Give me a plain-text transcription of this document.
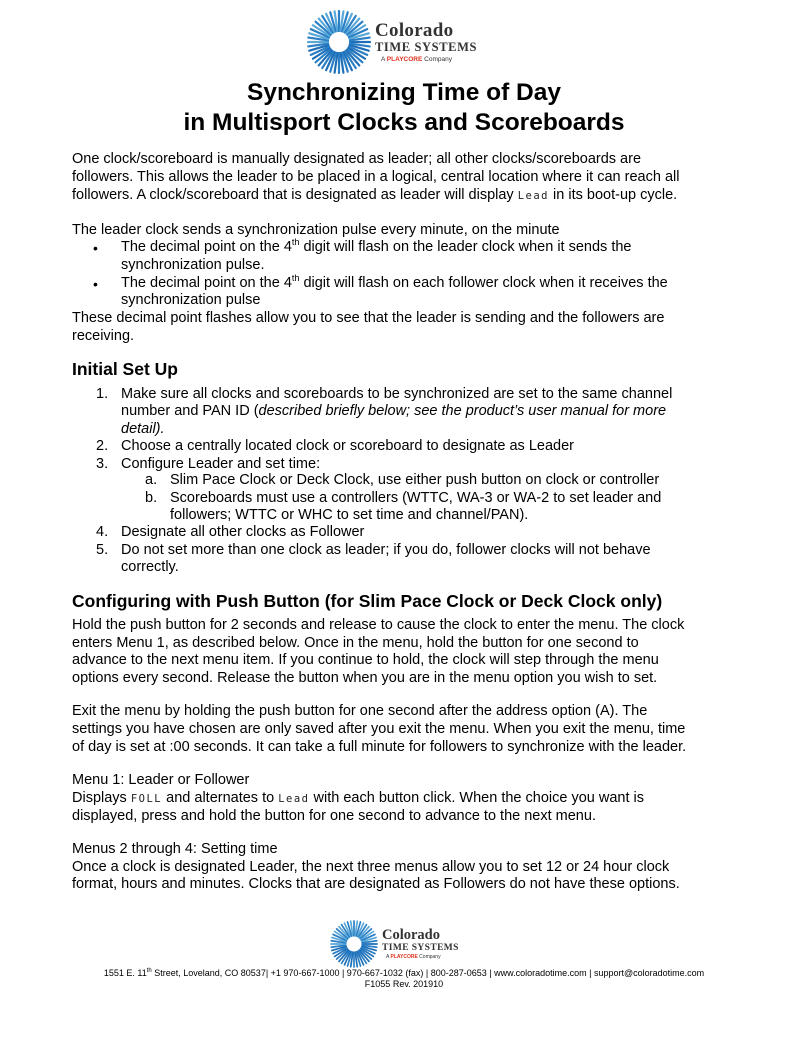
Colorado
TIME SYSTEMS
A PLAYCORE Company
Synchronizing Time of Day
in Multisport Clocks and Scoreboards
One clock/scoreboard is manually designated as leader; all other clocks/scoreboards are
followers. This allows the leader to be placed in a logical, central location where it can reach all
followers. A clock/scoreboard that is designated as leader will display Lead in its boot-up cycle.
The leader clock sends a synchronization pulse every minute, on the minute
• The decimal point on the 4th digit will flash on the leader clock when it sends the
synchronization pulse.
• The decimal point on the 4th digit will flash on each follower clock when it receives the
synchronization pulse
These decimal point flashes allow you to see that the leader is sending and the followers are
receiving.
Initial Set Up
1. Make sure all clocks and scoreboards to be synchronized are set to the same channel
number and PAN ID (described briefly below; see the product’s user manual for more
detail).
2. Choose a centrally located clock or scoreboard to designate as Leader
3. Configure Leader and set time:
a. Slim Pace Clock or Deck Clock, use either push button on clock or controller
b. Scoreboards must use a controllers (WTTC, WA-3 or WA-2 to set leader and
followers; WTTC or WHC to set time and channel/PAN).
4. Designate all other clocks as Follower
5. Do not set more than one clock as leader; if you do, follower clocks will not behave
correctly.
Configuring with Push Button (for Slim Pace Clock or Deck Clock only)
Hold the push button for 2 seconds and release to cause the clock to enter the menu. The clock
enters Menu 1, as described below. Once in the menu, hold the button for one second to
advance to the next menu item. If you continue to hold, the clock will step through the menu
options every second. Release the button when you are in the menu option you wish to set.
Exit the menu by holding the push button for one second after the address option (A). The
settings you have chosen are only saved after you exit the menu. When you exit the menu, time
of day is set at :00 seconds. It can take a full minute for followers to synchronize with the leader.
Menu 1: Leader or Follower
Displays FOLL and alternates to Lead with each button click. When the choice you want is
displayed, press and hold the button for one second to advance to the next menu.
Menus 2 through 4: Setting time
Once a clock is designated Leader, the next three menus allow you to set 12 or 24 hour clock
format, hours and minutes. Clocks that are designated as Followers do not have these options.
Colorado
TIME SYSTEMS
A PLAYCORE Company
1551 E. 11th Street, Loveland, CO 80537| +1 970-667-1000 | 970-667-1032 (fax) | 800-287-0653 | www.coloradotime.com | support@coloradotime.com
F1055 Rev. 201910
